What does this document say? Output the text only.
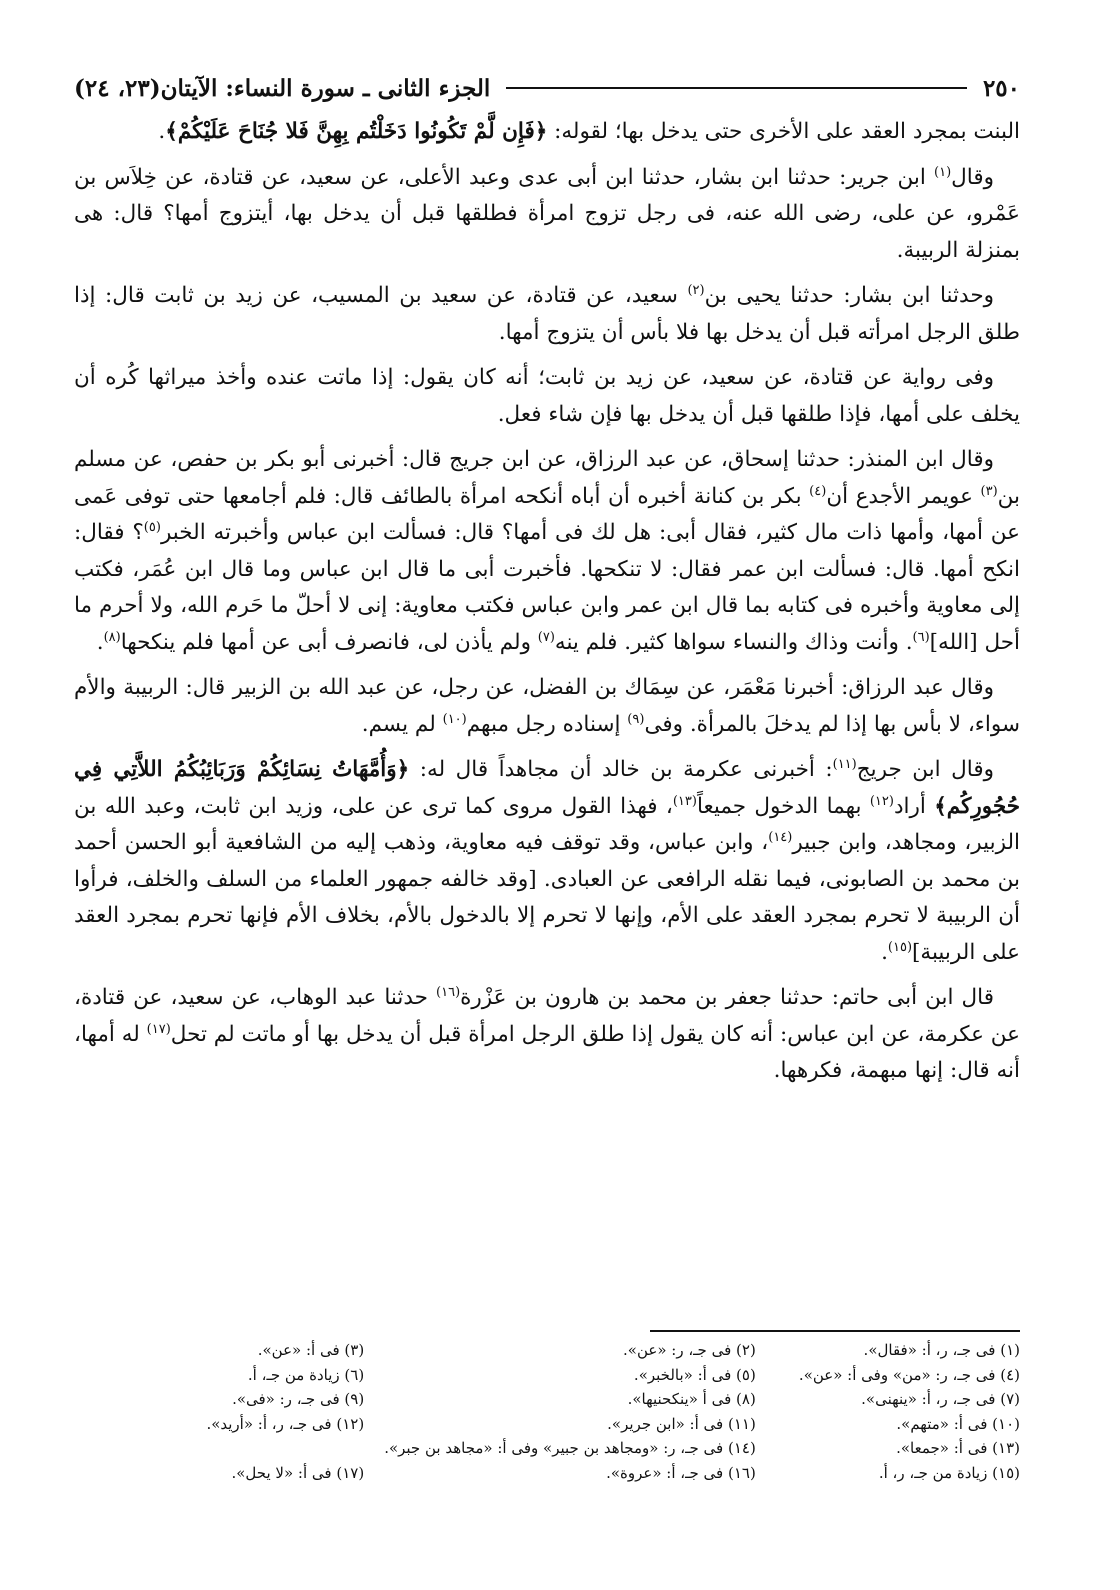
٢٥٠
الجزء الثانى ـ سورة النساء: الآيتان(٢٣، ٢٤)

البنت بمجرد العقد على الأخرى حتى يدخل بها؛ لقوله: ﴿فَإِن لَّمْ تَكُونُوا دَخَلْتُم بِهِنَّ فَلا جُنَاحَ عَلَيْكُمْ﴾.

وقال$^{(١)}$ ابن جرير: حدثنا ابن بشار، حدثنا ابن أبى عدى وعبد الأعلى، عن سعيد، عن قتادة، عن خِلاَس بن عَمْرو، عن على، رضى الله عنه، فى رجل تزوج امرأة فطلقها قبل أن يدخل بها، أيتزوج أمها؟ قال: هى بمنزلة الربيبة.

وحدثنا ابن بشار: حدثنا يحيى بن$^{(٢)}$ سعيد، عن قتادة، عن سعيد بن المسيب، عن زيد بن ثابت قال: إذا طلق الرجل امرأته قبل أن يدخل بها فلا بأس أن يتزوج أمها.

وفى رواية عن قتادة، عن سعيد، عن زيد بن ثابت؛ أنه كان يقول: إذا ماتت عنده وأخذ ميراثها كُره أن يخلف على أمها، فإذا طلقها قبل أن يدخل بها فإن شاء فعل.

وقال ابن المنذر: حدثنا إسحاق، عن عبد الرزاق، عن ابن جريج قال: أخبرنى أبو بكر بن حفص، عن مسلم بن$^{(٣)}$ عويمر الأجدع أن$^{(٤)}$ بكر بن كنانة أخبره أن أباه أنكحه امرأة بالطائف قال: فلم أجامعها حتى توفى عَمى عن أمها، وأمها ذات مال كثير، فقال أبى: هل لك فى أمها؟ قال: فسألت ابن عباس وأخبرته الخبر$^{(٥)}$؟ فقال: انكح أمها. قال: فسألت ابن عمر فقال: لا تنكحها. فأخبرت أبى ما قال ابن عباس وما قال ابن عُمَر، فكتب إلى معاوية وأخبره فى كتابه بما قال ابن عمر وابن عباس فكتب معاوية: إنى لا أحلّ ما حَرم الله، ولا أحرم ما أحل [الله]$^{(٦)}$. وأنت وذاك والنساء سواها كثير. فلم ينه$^{(٧)}$ ولم يأذن لى، فانصرف أبى عن أمها فلم ينكحها$^{(٨)}$.

وقال عبد الرزاق: أخبرنا مَعْمَر، عن سِمَاك بن الفضل، عن رجل، عن عبد الله بن الزبير قال: الربيبة والأم سواء، لا بأس بها إذا لم يدخلَ بالمرأة. وفى$^{(٩)}$ إسناده رجل مبهم$^{(١٠)}$ لم يسم.

وقال ابن جريج$^{(١١)}$: أخبرنى عكرمة بن خالد أن مجاهداً قال له: ﴿وَأُمَّهَاتُ نِسَائِكُمْ وَرَبَائِبُكُمُ اللاَّتِي فِي حُجُورِكُم﴾ أراد$^{(١٢)}$ بهما الدخول جميعاً$^{(١٣)}$، فهذا القول مروى كما ترى عن على، وزيد ابن ثابت، وعبد الله بن الزبير، ومجاهد، وابن جبير$^{(١٤)}$، وابن عباس، وقد توقف فيه معاوية، وذهب إليه من الشافعية أبو الحسن أحمد بن محمد بن الصابونى، فيما نقله الرافعى عن العبادى. [وقد خالفه جمهور العلماء من السلف والخلف، فرأوا أن الربيبة لا تحرم بمجرد العقد على الأم، وإنها لا تحرم إلا بالدخول بالأم، بخلاف الأم فإنها تحرم بمجرد العقد على الربيبة]$^{(١٥)}$.

قال ابن أبى حاتم: حدثنا جعفر بن محمد بن هارون بن عَزْرة$^{(١٦)}$ حدثنا عبد الوهاب، عن سعيد، عن قتادة، عن عكرمة، عن ابن عباس: أنه كان يقول إذا طلق الرجل امرأة قبل أن يدخل بها أو ماتت لم تحل$^{(١٧)}$ له أمها، أنه قال: إنها مبهمة، فكرهها.

(١) فى جـ، ر، أ: «فقال».
(٢) فى جـ، ر: «عن».
(٣) فى أ: «عن».
(٤) فى جـ، ر: «من» وفى أ: «عن».
(٥) فى أ: «بالخبر».
(٦) زيادة من جـ، أ.
(٧) فى جـ، ر، أ: «ينهنى».
(٨) فى أ «ينكحنيها».
(٩) فى جـ، ر: «فى».
(١٠) فى أ: «متهم».
(١١) فى أ: «ابن جرير».
(١٢) فى جـ، ر، أ: «أريد».
(١٣) فى أ: «جمعا».
(١٤) فى جـ، ر: «ومجاهد بن جبير» وفى أ: «مجاهد بن جبر».
(١٥) زيادة من جـ، ر، أ.
(١٦) فى جـ، أ: «عروة».
(١٧) فى أ: «لا يحل».
